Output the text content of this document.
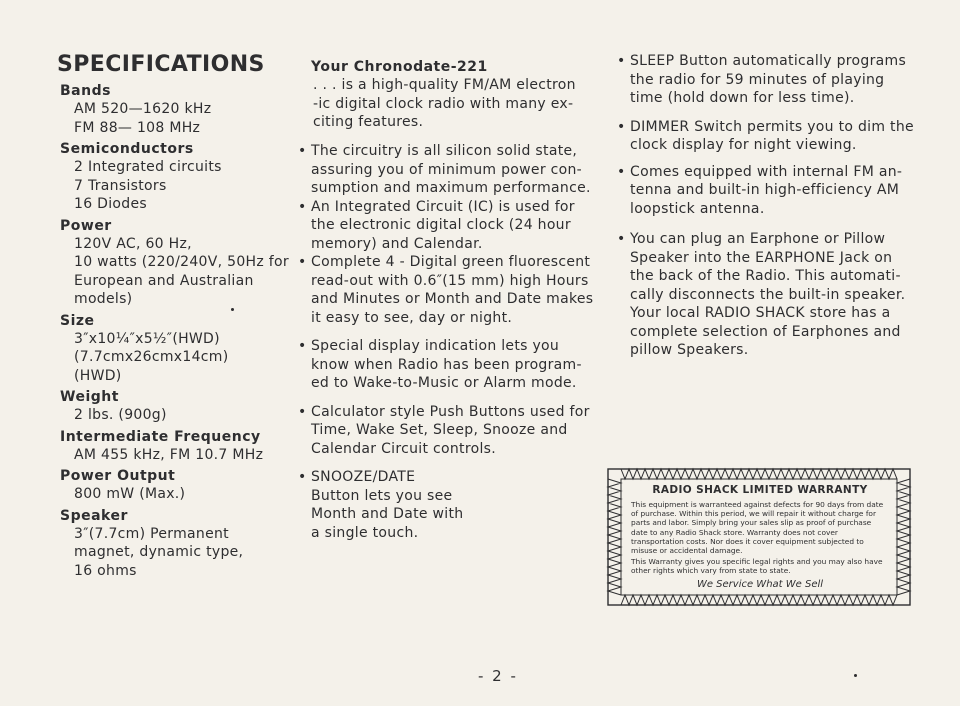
SPECIFICATIONS

Bands

AM 520—1620 kHz

FM 88— 108 MHz

Semiconductors

2 Integrated circuits

7 Transistors

16 Diodes

Power

120V AC, 60 Hz,

10 watts (220/240V, 50Hz for

European and Australian

models)

Size

3″x10¼″x5½″(HWD)

(7.7cmx26cmx14cm)

(HWD)

Weight

2 lbs. (900g)

Intermediate Frequency

AM 455 kHz, FM 10.7 MHz

Power Output

800 mW (Max.)

Speaker

3″(7.7cm) Permanent

magnet, dynamic type,

16 ohms

Your Chronodate-221

. . . is a high-quality FM/AM electron

-ic digital clock radio with many ex-

citing features.

• The circuitry is all silicon solid state,

assuring you of minimum power con-

sumption and maximum performance.

• An Integrated Circuit (IC) is used for

the electronic digital clock (24 hour

memory) and Calendar.

• Complete 4 - Digital green fluorescent

read-out with 0.6″(15 mm) high Hours

and Minutes or Month and Date makes

it easy to see, day or night.

• Special display indication lets you

know when Radio has been program-

ed to Wake-to-Music or Alarm mode.

• Calculator style Push Buttons used for

Time, Wake Set, Sleep, Snooze and

Calendar Circuit controls.

• SNOOZE/DATE

Button lets you see

Month and Date with

a single touch.

• SLEEP Button automatically programs

the radio for 59 minutes of playing

time (hold down for less time).

• DIMMER Switch permits you to dim the

clock display for night viewing.

• Comes equipped with internal FM an-

tenna and built-in high-efficiency AM

loopstick antenna.

• You can plug an Earphone or Pillow

Speaker into the EARPHONE Jack on

the back of the Radio. This automati-

cally disconnects the built-in speaker.

Your local RADIO SHACK store has a

complete selection of Earphones and

pillow Speakers.

RADIO SHACK LIMITED WARRANTY

This equipment is warranteed against defects for 90 days from date of purchase. Within this period, we will repair it without charge for parts and labor. Simply bring your sales slip as proof of purchase date to any Radio Shack store. Warranty does not cover transportation costs. Nor does it cover equipment subjected to misuse or accidental damage.

This Warranty gives you specific legal rights and you may also have other rights which vary from state to state.

We Service What We Sell

- 2 -
